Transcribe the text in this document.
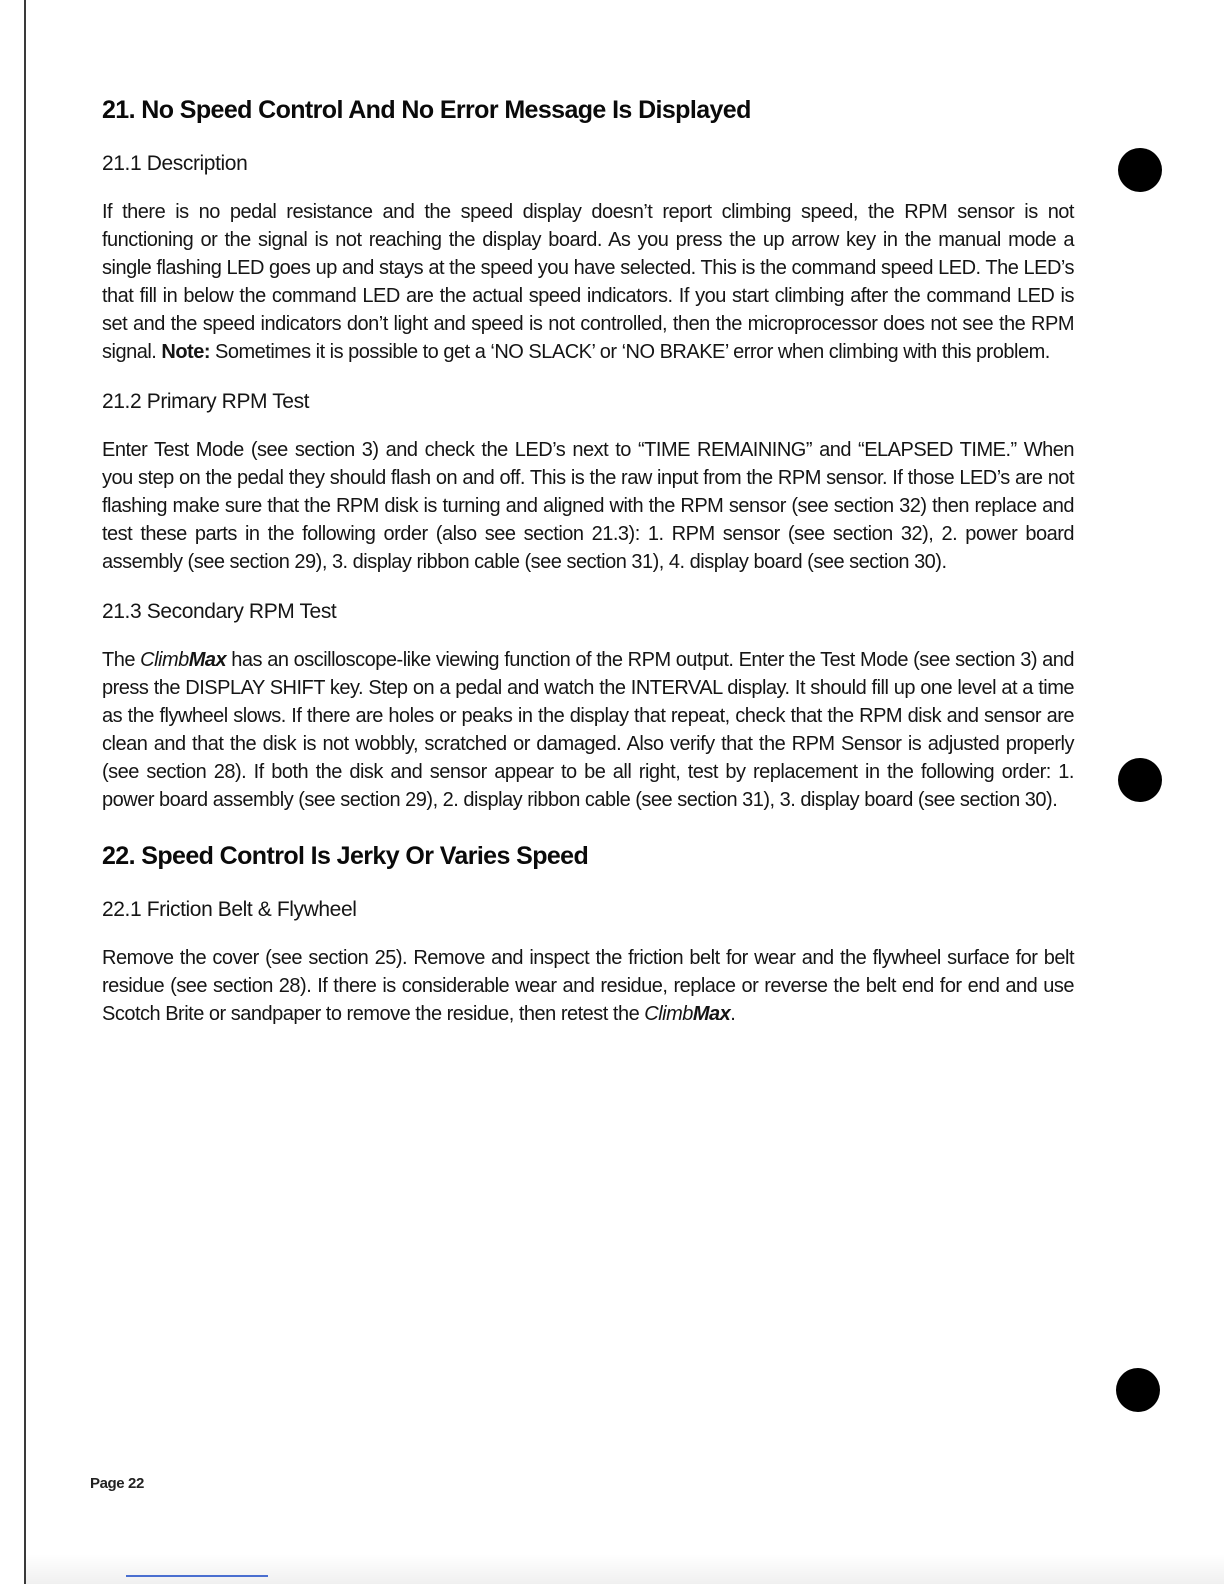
21. No Speed Control And No Error Message Is Displayed
21.1 Description

If there is no pedal resistance and the speed display doesn’t report climbing speed, the RPM sensor is not functioning or the signal is not reaching the display board. As you press the up arrow key in the manual mode a single flashing LED goes up and stays at the speed you have selected. This is the command speed LED. The LED’s that fill in below the command LED are the actual speed indicators. If you start climbing after the command LED is set and the speed indicators don’t light and speed is not controlled, then the microprocessor does not see the RPM signal. Note: Sometimes it is possible to get a ‘NO SLACK’ or ‘NO BRAKE’ error when climbing with this problem.

21.2 Primary RPM Test

Enter Test Mode (see section 3) and check the LED’s next to “TIME REMAINING” and “ELAPSED TIME.” When you step on the pedal they should flash on and off. This is the raw input from the RPM sensor. If those LED’s are not flashing make sure that the RPM disk is turning and aligned with the RPM sensor (see section 32) then replace and test these parts in the following order (also see section 21.3): 1. RPM sensor (see section 32), 2. power board assembly (see section 29), 3. display ribbon cable (see section 31), 4. display board (see section 30).

21.3 Secondary RPM Test

The ClimbMax has an oscilloscope-like viewing function of the RPM output. Enter the Test Mode (see section 3) and press the DISPLAY SHIFT key. Step on a pedal and watch the INTERVAL display. It should fill up one level at a time as the flywheel slows. If there are holes or peaks in the display that repeat, check that the RPM disk and sensor are clean and that the disk is not wobbly, scratched or damaged. Also verify that the RPM Sensor is adjusted properly (see section 28). If both the disk and sensor appear to be all right, test by replacement in the following order: 1. power board assembly (see section 29), 2. display ribbon cable (see section 31), 3. display board (see section 30).

22. Speed Control Is Jerky Or Varies Speed
22.1 Friction Belt & Flywheel

Remove the cover (see section 25). Remove and inspect the friction belt for wear and the flywheel surface for belt residue (see section 28). If there is considerable wear and residue, replace or reverse the belt end for end and use Scotch Brite or sandpaper to remove the residue, then retest the ClimbMax.

Page 22
